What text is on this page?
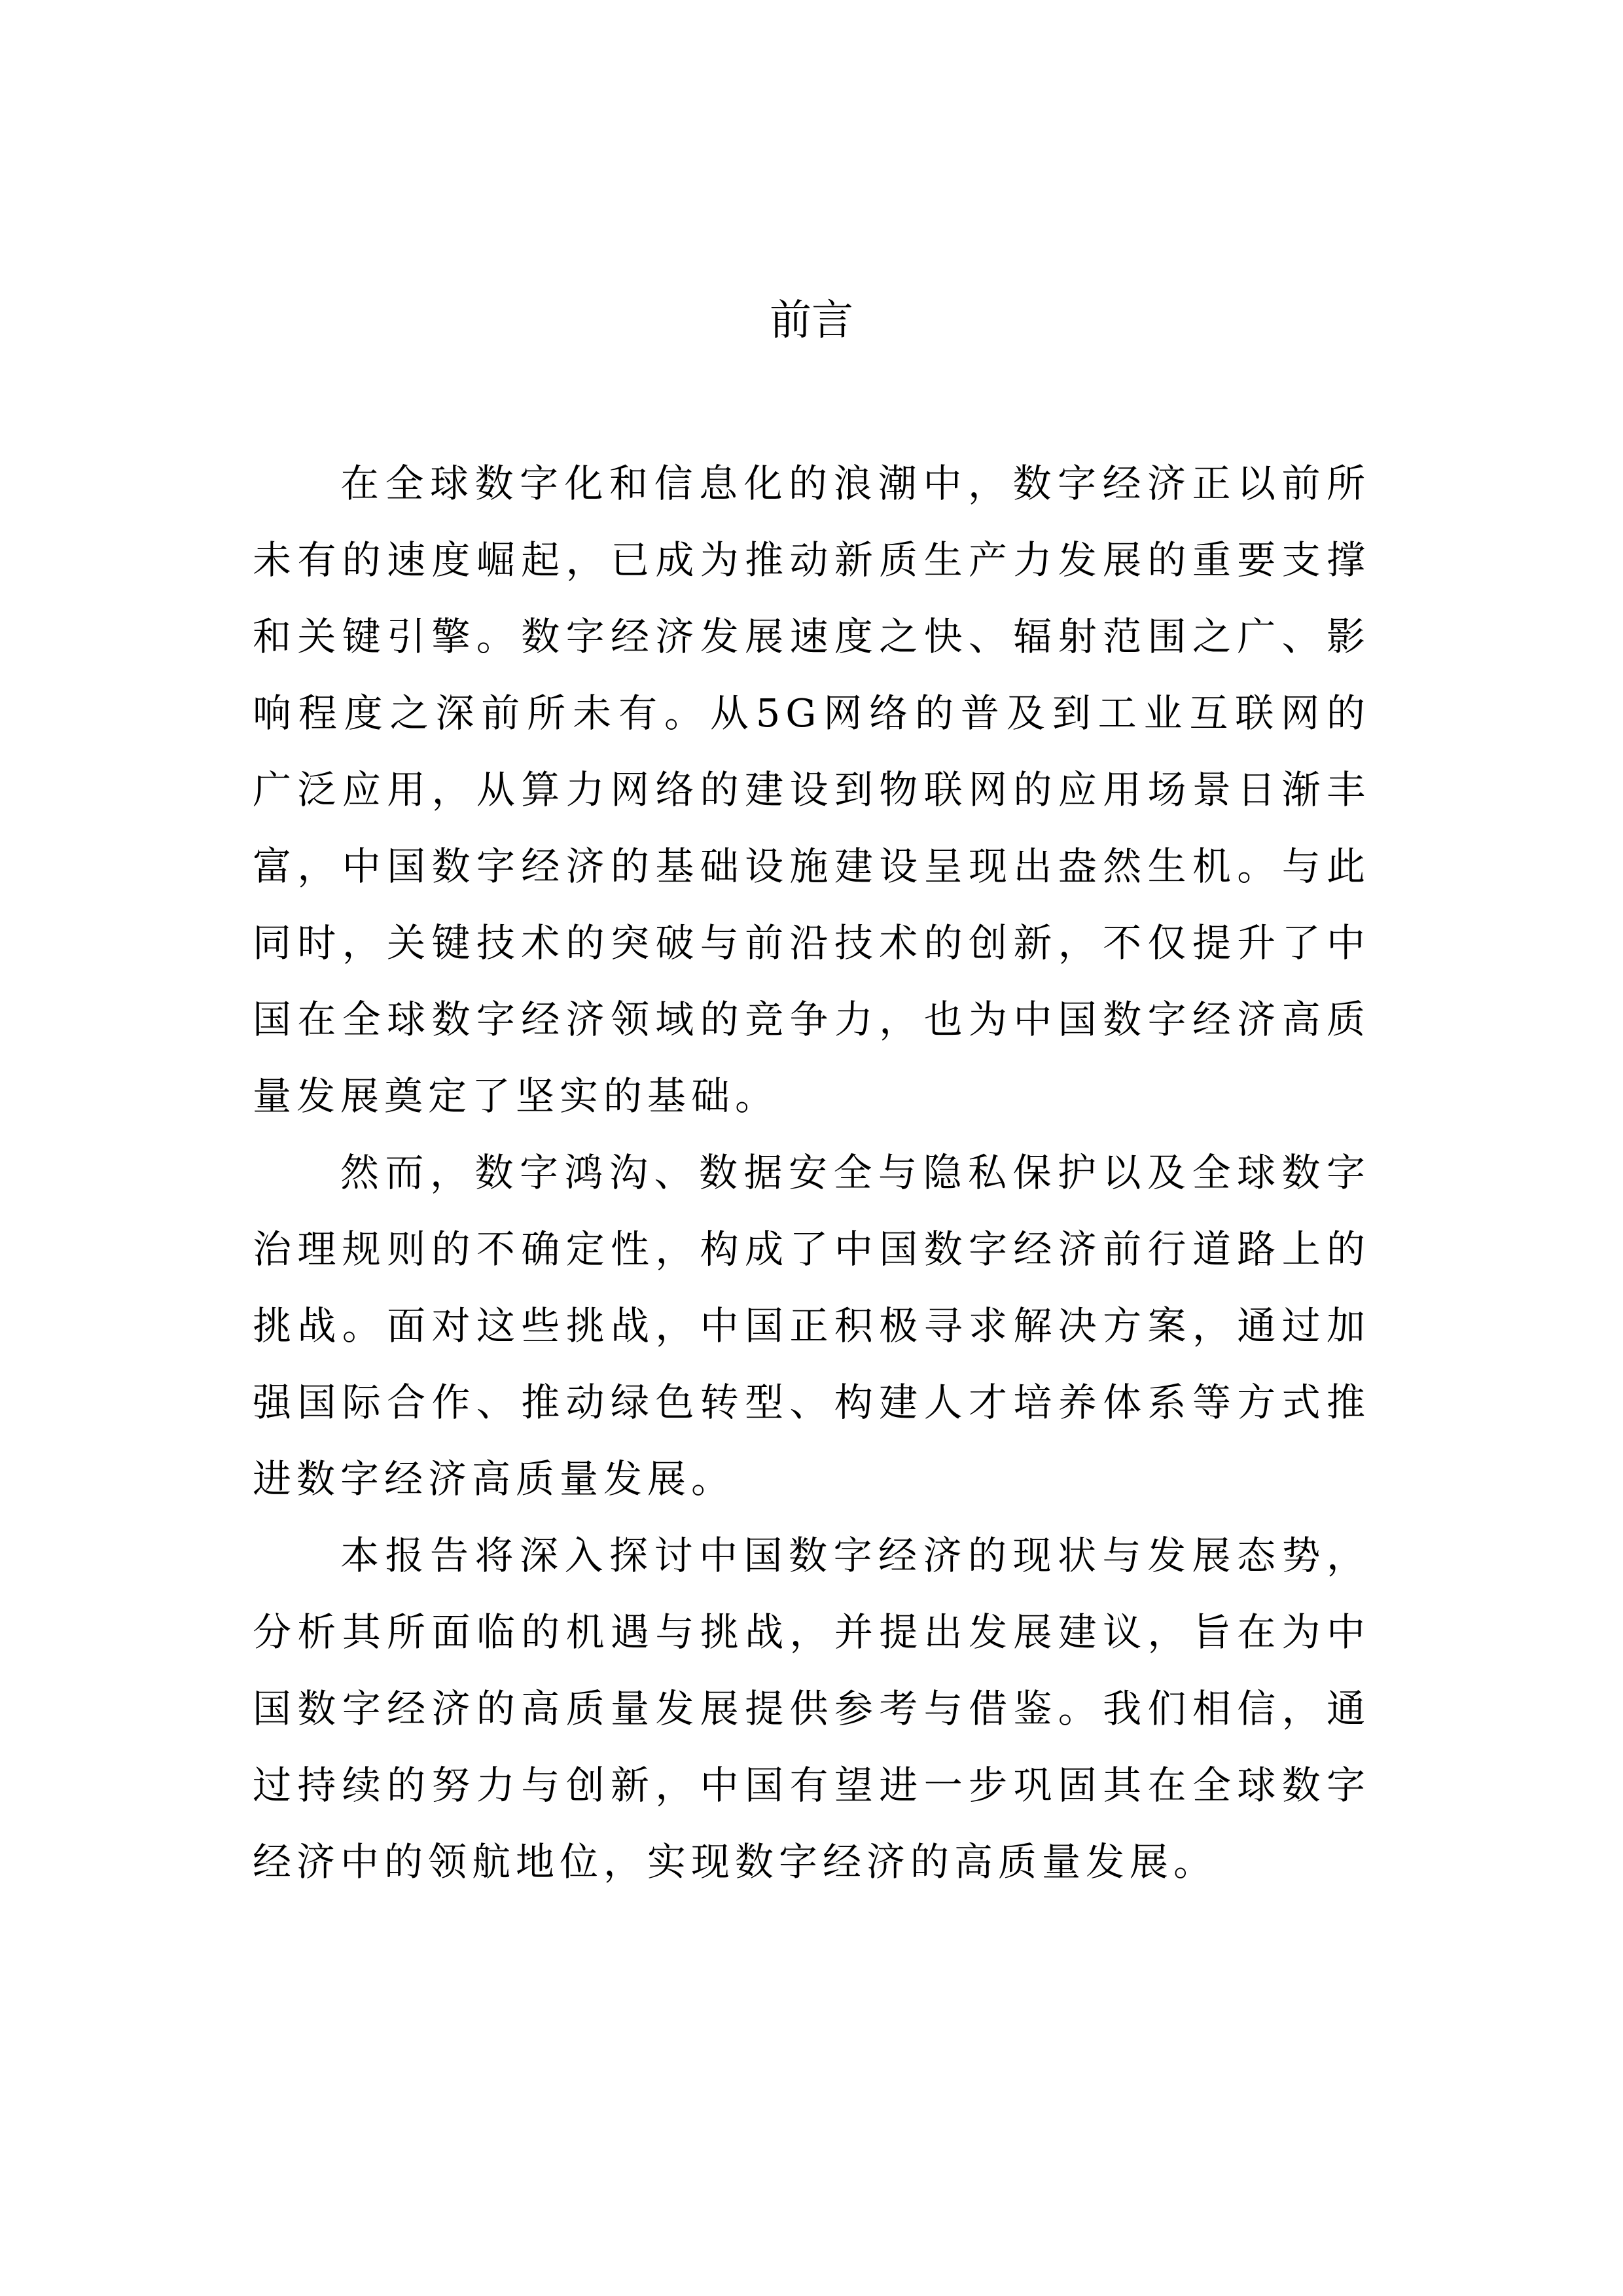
前言

在全球数字化和信息化的浪潮中，数字经济正以前所未有的速度崛起，已成为推动新质生产力发展的重要支撑和关键引擎。数字经济发展速度之快、辐射范围之广、影响程度之深前所未有。从5G网络的普及到工业互联网的广泛应用，从算力网络的建设到物联网的应用场景日渐丰富，中国数字经济的基础设施建设呈现出盎然生机。与此同时，关键技术的突破与前沿技术的创新，不仅提升了中国在全球数字经济领域的竞争力，也为中国数字经济高质量发展奠定了坚实的基础。

然而，数字鸿沟、数据安全与隐私保护以及全球数字治理规则的不确定性，构成了中国数字经济前行道路上的挑战。面对这些挑战，中国正积极寻求解决方案，通过加强国际合作、推动绿色转型、构建人才培养体系等方式推进数字经济高质量发展。

本报告将深入探讨中国数字经济的现状与发展态势，分析其所面临的机遇与挑战，并提出发展建议，旨在为中国数字经济的高质量发展提供参考与借鉴。我们相信，通过持续的努力与创新，中国有望进一步巩固其在全球数字经济中的领航地位，实现数字经济的高质量发展。
